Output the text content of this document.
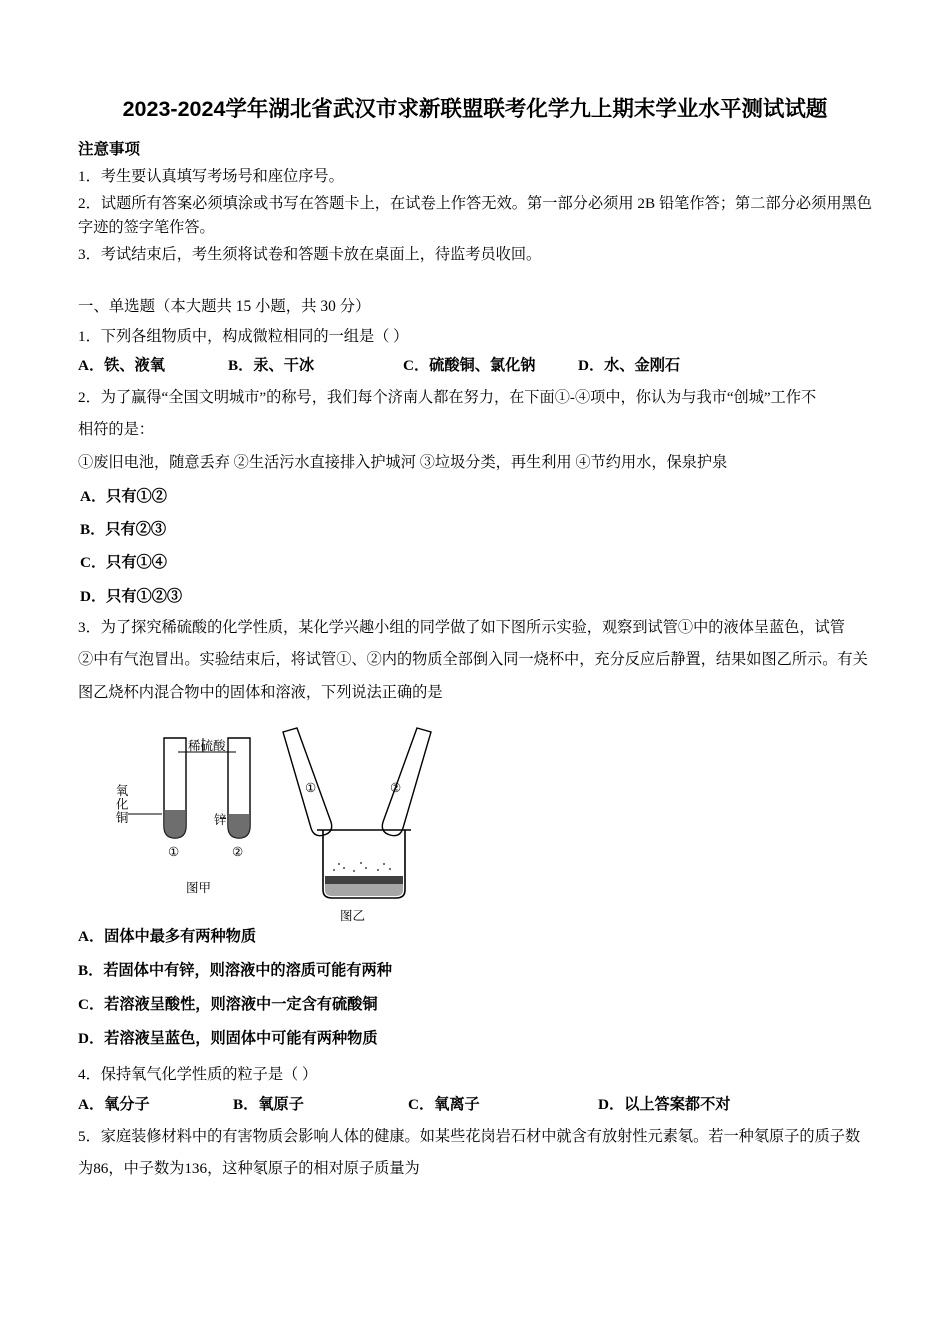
2023-2024学年湖北省武汉市求新联盟联考化学九上期末学业水平测试试题
注意事项
1．考生要认真填写考场号和座位序号。
2．试题所有答案必须填涂或书写在答题卡上，在试卷上作答无效。第一部分必须用 2B 铅笔作答；第二部分必须用黑色字迹的签字笔作答。
3．考试结束后，考生须将试卷和答题卡放在桌面上，待监考员收回。
一、单选题（本大题共 15 小题，共 30 分）
1．下列各组物质中，构成微粒相同的一组是（ ）
A．铁、液氧	B．汞、干冰	C．硫酸铜、氯化钠	D．水、金刚石
2．为了赢得“全国文明城市”的称号，我们每个济南人都在努力，在下面①-④项中，你认为与我市“创城”工作不
相符的是：
①废旧电池，随意丢弃 ②生活污水直接排入护城河 ③垃圾分类，再生利用 ④节约用水，保泉护泉
A．只有①②
B．只有②③
C．只有①④
D．只有①②③
3．为了探究稀硫酸的化学性质，某化学兴趣小组的同学做了如下图所示实验，观察到试管①中的液体呈蓝色，试管
②中有气泡冒出。实验结束后，将试管①、②内的物质全部倒入同一烧杯中，充分反应后静置，结果如图乙所示。有关
图乙烧杯内混合物中的固体和溶液，下列说法正确的是
稀硫酸
氧化铜	锌
①	②
①	②
图甲
图乙
A．固体中最多有两种物质
B．若固体中有锌，则溶液中的溶质可能有两种
C．若溶液呈酸性，则溶液中一定含有硫酸铜
D．若溶液呈蓝色，则固体中可能有两种物质
4．保持氧气化学性质的粒子是（ ）
A．氧分子	B．氧原子	C．氧离子	D．以上答案都不对
5．家庭装修材料中的有害物质会影响人体的健康。如某些花岗岩石材中就含有放射性元素氡。若一种氡原子的质子数
为86，中子数为136，这种氡原子的相对原子质量为
